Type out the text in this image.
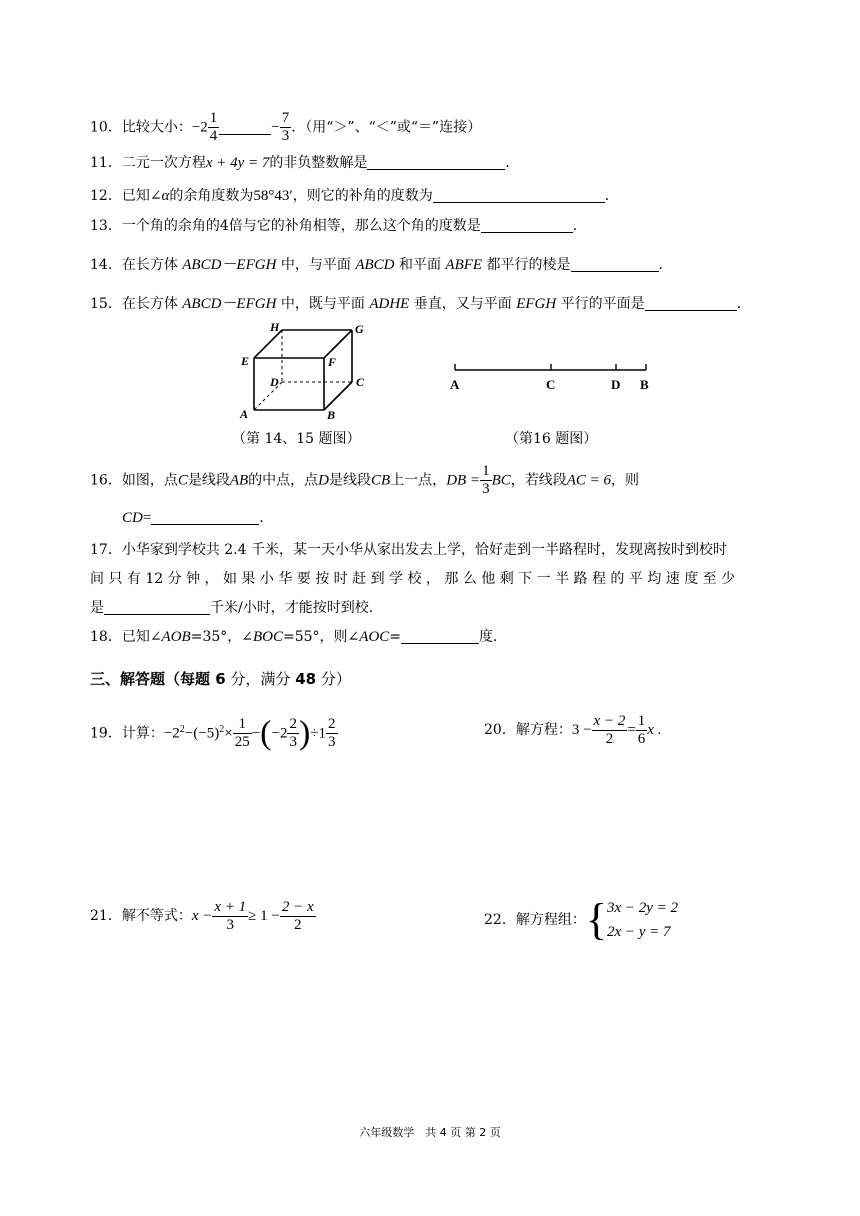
10．比较大小：$-2 \frac{1}{4}$	− $\frac{7}{3}$ ．（用“＞”、“＜”或“＝”连接）
11．二元一次方程x + 4y = 7的非负整数解是	．
12．已知∠α的余角度数为58°43′，则它的补角的度数为	．
13．一个角的余角的4倍与它的补角相等，那么这个角的度数是	．
14．在长方体 ABCD－EFGH 中，与平面 ABCD 和平面 ABFE 都平行的棱是	．
15．在长方体 ABCD－EFGH 中，既与平面 ADHE 垂直，又与平面 EFGH 平行的平面是	．
H	G
E	F
D	C
A	B
（第 14、15 题图）
A	C	D B
（第16 题图）
16．如图，点C是线段AB的中点，点D是线段CB上一点，DB = $\frac{1}{3}$ BC，若线段AC = 6，则
CD=	．
17．小华家到学校共 2.4 千米，某一天小华从家出发去上学，恰好走到一半路程时，发现离按时到校时
间 只 有 12 分 钟 ， 如 果 小 华 要 按 时 赶 到 学 校 ， 那 么 他 剩 下 一 半 路 程 的 平 均 速 度 至 少
是	千米/小时，才能按时到校.
18．已知∠AOB=35°，∠BOC=55°，则∠AOC=	度.
三、解答题（每题 6 分，满分 48 分）
19．计算：$-2^2-(-5)^2\times \frac{1}{25} -(-2 \frac{2}{3} )\div 1 \frac{2}{3}$	20．解方程：$3 - \frac{x - 2}{2} = \frac{1}{6}$ x .
21．解不等式：$x - \frac{x + 1}{3} \ge 1 - \frac{2 - x}{2}$	22．解方程组：{ 3x − 2y = 2
2x − y = 7
六年级数学　共 4 页 第 2 页
